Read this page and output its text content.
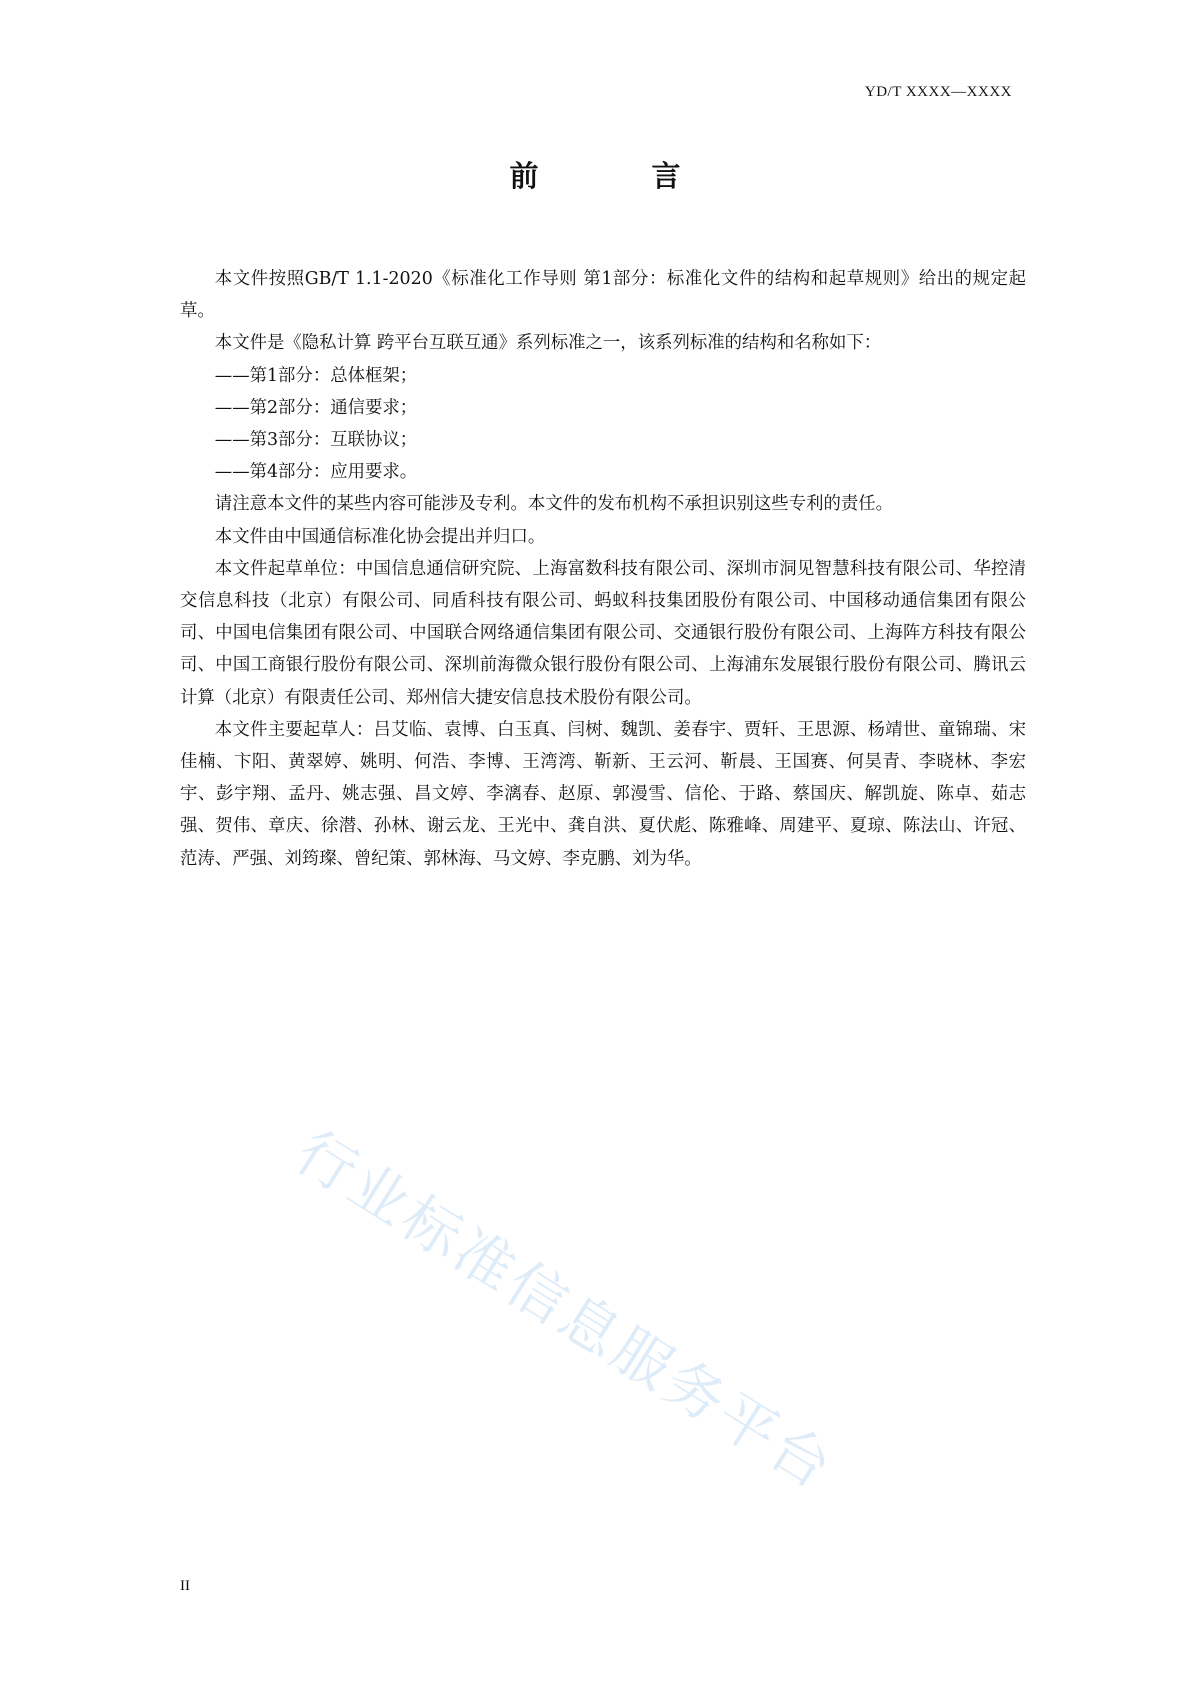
YD/T XXXX—XXXX
前　言

本文件按照GB/T 1.1-2020《标准化工作导则 第1部分：标准化文件的结构和起草规则》给出的规定起草。

本文件是《隐私计算 跨平台互联互通》系列标准之一，该系列标准的结构和名称如下：

——第1部分：总体框架；

——第2部分：通信要求；

——第3部分：互联协议；

——第4部分：应用要求。

请注意本文件的某些内容可能涉及专利。本文件的发布机构不承担识别这些专利的责任。

本文件由中国通信标准化协会提出并归口。

本文件起草单位：中国信息通信研究院、上海富数科技有限公司、深圳市洞见智慧科技有限公司、华控清交信息科技（北京）有限公司、同盾科技有限公司、蚂蚁科技集团股份有限公司、中国移动通信集团有限公司、中国电信集团有限公司、中国联合网络通信集团有限公司、交通银行股份有限公司、上海阵方科技有限公司、中国工商银行股份有限公司、深圳前海微众银行股份有限公司、上海浦东发展银行股份有限公司、腾讯云计算（北京）有限责任公司、郑州信大捷安信息技术股份有限公司。

本文件主要起草人：吕艾临、袁博、白玉真、闫树、魏凯、姜春宇、贾轩、王思源、杨靖世、童锦瑞、宋佳楠、卞阳、黄翠婷、姚明、何浩、李博、王湾湾、靳新、王云河、靳晨、王国赛、何昊青、李晓林、李宏宇、彭宇翔、孟丹、姚志强、昌文婷、李漓春、赵原、郭漫雪、信伦、于路、蔡国庆、解凯旋、陈卓、茹志强、贺伟、章庆、徐潜、孙林、谢云龙、王光中、龚自洪、夏伏彪、陈雅峰、周建平、夏琼、陈法山、许冠、范涛、严强、刘筠璨、曾纪策、郭林海、马文婷、李克鹏、刘为华。

行业标准信息服务平台
II
